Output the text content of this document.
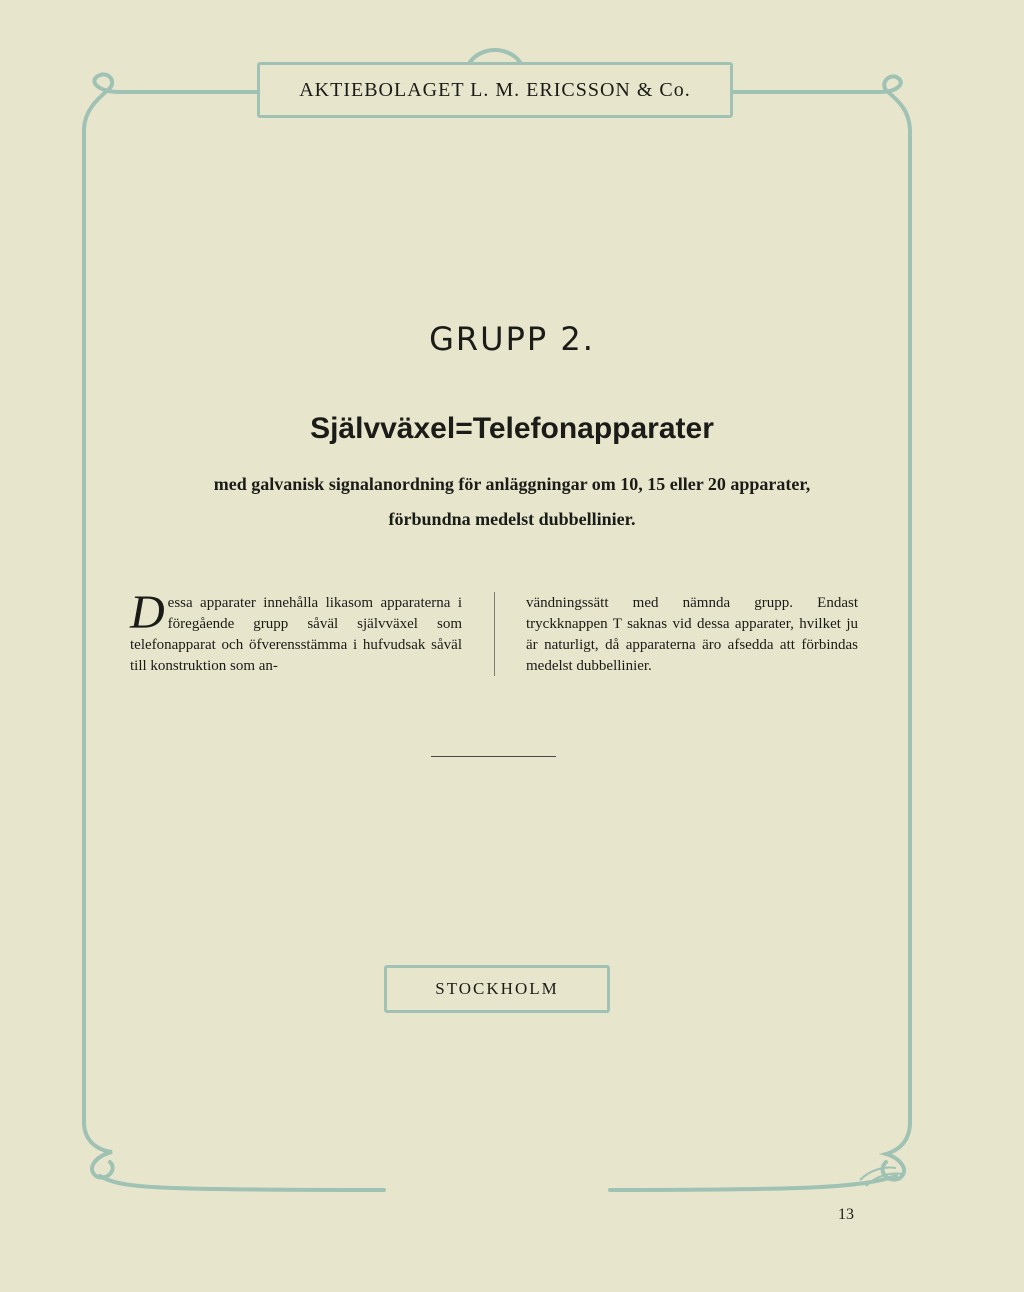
AKTIEBOLAGET L. M. ERICSSON & Co.
GRUPP 2.
Självväxel=Telefonapparater
med galvanisk signalanordning för anläggningar om 10, 15 eller 20 apparater,
förbundna medelst dubbellinier.
Dessa apparater innehålla likasom apparaterna i föregående grupp såväl självväxel som telefonapparat och öfverensstämma i hufvudsak såväl till konstruktion som an-
vändningssätt med nämnda grupp. Endast tryckknappen T saknas vid dessa apparater, hvilket ju är naturligt, då apparaterna äro afsedda att förbindas medelst dubbellinier.
STOCKHOLM
13
